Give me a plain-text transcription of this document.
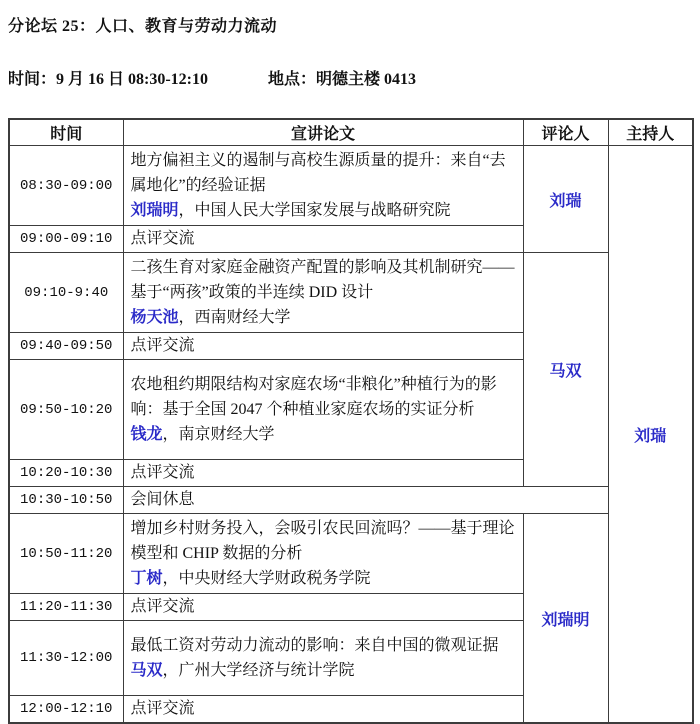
分论坛 25：人口、教育与劳动力流动
时间：9 月 16 日 08:30-12:10	地点：明德主楼 0413
时间	宣讲论文	评论人	主持人
08:30-09:00	地方偏袒主义的遏制与高校生源质量的提升：来自“去属地化”的经验证据
刘瑞明，中国人民大学国家发展与战略研究院	刘瑞	刘瑞
09:00-09:10	点评交流		
09:10-9:40	二孩生育对家庭金融资产配置的影响及其机制研究——基于“两孩”政策的半连续 DID 设计
杨天池，西南财经大学	马双	
09:40-09:50	点评交流		
09:50-10:20	农地租约期限结构对家庭农场“非粮化”种植行为的影响：基于全国 2047 个种植业家庭农场的实证分析
钱龙，南京财经大学		
10:20-10:30	点评交流		
10:30-10:50	会间休息		
10:50-11:20	增加乡村财务投入，会吸引农民回流吗？——基于理论模型和 CHIP 数据的分析
丁树，中央财经大学财政税务学院	刘瑞明	
11:20-11:30	点评交流		
11:30-12:00	最低工资对劳动力流动的影响：来自中国的微观证据
马双，广州大学经济与统计学院		
12:00-12:10	点评交流		
